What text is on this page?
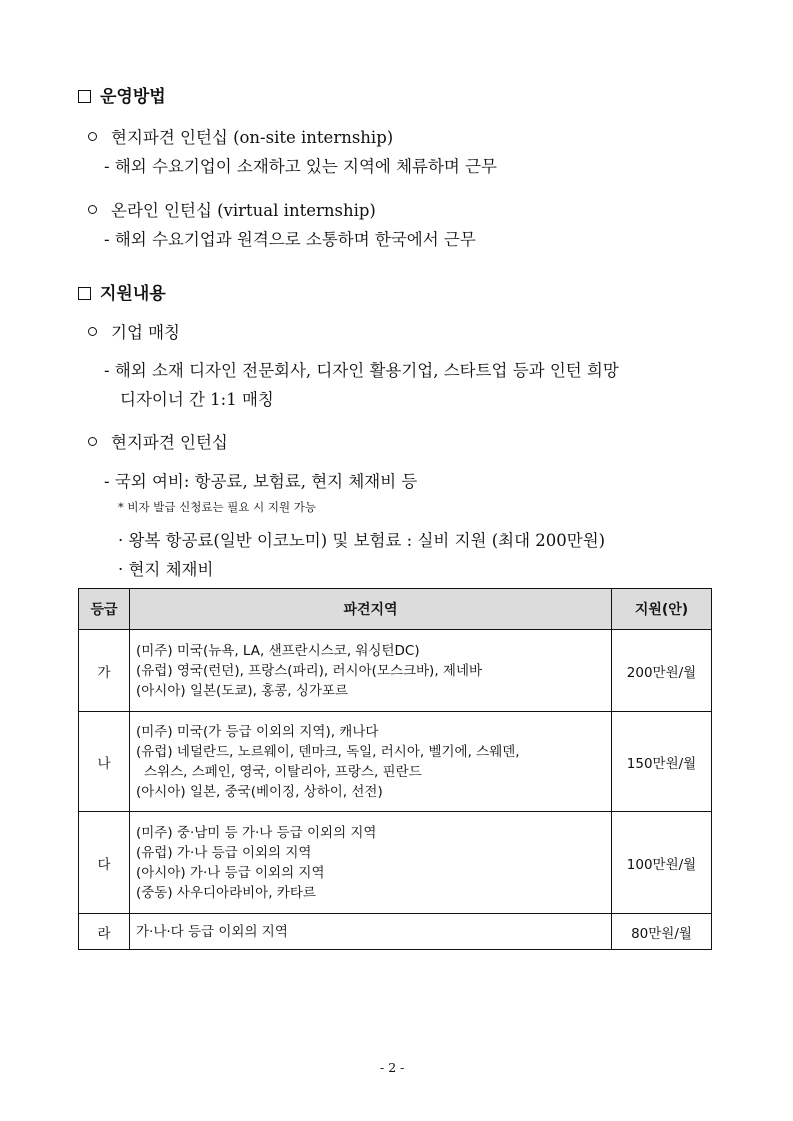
운영방법
현지파견 인턴십 (on-site internship)
- 해외 수요기업이 소재하고 있는 지역에 체류하며 근무
온라인 인턴십 (virtual internship)
- 해외 수요기업과 원격으로 소통하며 한국에서 근무
지원내용
기업 매칭
- 해외 소재 디자인 전문회사, 디자인 활용기업, 스타트업 등과 인턴 희망
디자이너 간 1:1 매칭
현지파견 인턴십
- 국외 여비: 항공료, 보험료, 현지 체재비 등
* 비자 발급 신청료는 필요 시 지원 가능
· 왕복 항공료(일반 이코노미) 및 보험료 : 실비 지원 (최대 200만원)
· 현지 체재비
등급	파견지역	지원(안)
가	(미주) 미국(뉴욕, LA, 샌프란시스코, 워싱턴DC)
(유럽) 영국(런던), 프랑스(파리), 러시아(모스크바), 제네바
(아시아) 일본(도쿄), 홍콩, 싱가포르	200만원/월
나	(미주) 미국(가 등급 이외의 지역), 캐나다
(유럽) 네덜란드, 노르웨이, 덴마크, 독일, 러시아, 벨기에, 스웨덴,
스위스, 스페인, 영국, 이탈리아, 프랑스, 핀란드
(아시아) 일본, 중국(베이징, 상하이, 선전)	150만원/월
다	(미주) 중·남미 등 가·나 등급 이외의 지역
(유럽) 가·나 등급 이외의 지역
(아시아) 가·나 등급 이외의 지역
(중동) 사우디아라비아, 카타르	100만원/월
라	가·나·다 등급 이외의 지역	80만원/월
- 2 -
